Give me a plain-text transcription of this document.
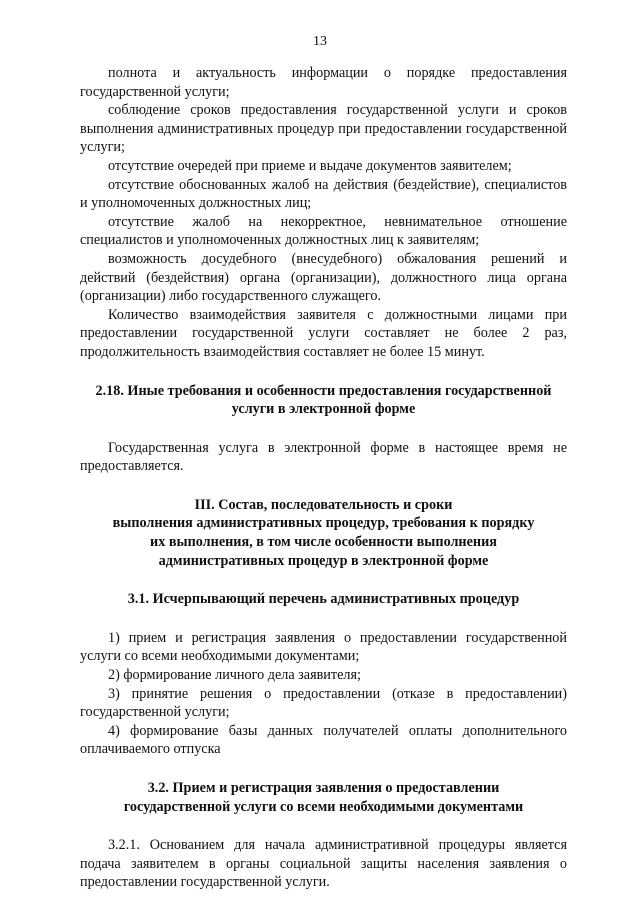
13

полнота и актуальность информации о порядке предоставления государственной услуги;

соблюдение сроков предоставления государственной услуги и сроков выполнения административных процедур при предоставлении государственной услуги;

отсутствие очередей при приеме и выдаче документов заявителем;

отсутствие обоснованных жалоб на действия (бездействие), специалистов и уполномоченных должностных лиц;

отсутствие жалоб на некорректное, невнимательное отношение специалистов и уполномоченных должностных лиц к заявителям;

возможность досудебного (внесудебного) обжалования решений и действий (бездействия) органа (организации), должностного лица органа (организации) либо государственного служащего.

Количество взаимодействия заявителя с должностными лицами при предоставлении государственной услуги составляет не более 2 раз, продолжительность взаимодействия составляет не более 15 минут.

2.18. Иные требования и особенности предоставления государственной услуги в электронной форме

Государственная услуга в электронной форме в настоящее время не предоставляется.

III. Состав, последовательность и сроки

выполнения административных процедур, требования к порядку

их выполнения, в том числе особенности выполнения

административных процедур в электронной форме

3.1. Исчерпывающий перечень административных процедур

1) прием и регистрация заявления о предоставлении государственной услуги со всеми необходимыми документами;

2) формирование личного дела заявителя;

3) принятие решения о предоставлении (отказе в предоставлении) государственной услуги;

4) формирование базы данных получателей оплаты дополнительного оплачиваемого отпуска

3.2. Прием и регистрация заявления о предоставлении

государственной услуги со всеми необходимыми документами

3.2.1. Основанием для начала административной процедуры является подача заявителем в органы социальной защиты населения заявления о предоставлении государственной услуги.
